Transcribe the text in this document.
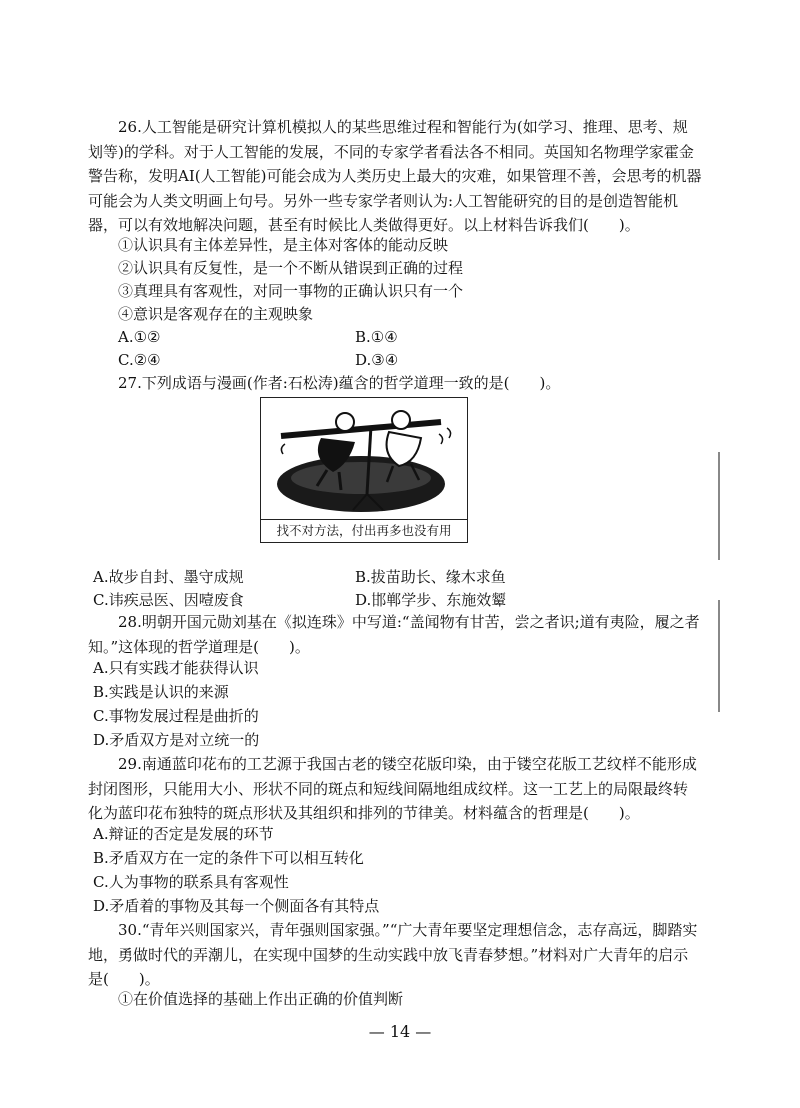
26.人工智能是研究计算机模拟人的某些思维过程和智能行为(如学习、推理、思考、规划等)的学科。对于人工智能的发展，不同的专家学者看法各不相同。英国知名物理学家霍金警告称，发明AI(人工智能)可能会成为人类历史上最大的灾难，如果管理不善，会思考的机器可能会为人类文明画上句号。另外一些专家学者则认为:人工智能研究的目的是创造智能机器，可以有效地解决问题，甚至有时候比人类做得更好。以上材料告诉我们(　　)。

①认识具有主体差异性，是主体对客体的能动反映
②认识具有反复性，是一个不断从错误到正确的过程
③真理具有客观性，对同一事物的正确认识只有一个
④意识是客观存在的主观映象
A.①②	B.①④
C.②④	D.③④
27.下列成语与漫画(作者:石松涛)蕴含的哲学道理一致的是(　　)。
找不对方法，付出再多也没有用
A.故步自封、墨守成规	B.拔苗助长、缘木求鱼
C.讳疾忌医、因噎废食	D.邯郸学步、东施效颦

28.明朝开国元勋刘基在《拟连珠》中写道:“盖闻物有甘苦，尝之者识;道有夷险，履之者知。”这体现的哲学道理是(　　)。

A.只有实践才能获得认识
B.实践是认识的来源
C.事物发展过程是曲折的
D.矛盾双方是对立统一的

29.南通蓝印花布的工艺源于我国古老的镂空花版印染，由于镂空花版工艺纹样不能形成封闭图形，只能用大小、形状不同的斑点和短线间隔地组成纹样。这一工艺上的局限最终转化为蓝印花布独特的斑点形状及其组织和排列的节律美。材料蕴含的哲理是(　　)。

A.辩证的否定是发展的环节
B.矛盾双方在一定的条件下可以相互转化
C.人为事物的联系具有客观性
D.矛盾着的事物及其每一个侧面各有其特点

30.“青年兴则国家兴，青年强则国家强。”“广大青年要坚定理想信念，志存高远，脚踏实地，勇做时代的弄潮儿，在实现中国梦的生动实践中放飞青春梦想。”材料对广大青年的启示是(　　)。

①在价值选择的基础上作出正确的价值判断
— 14 —
